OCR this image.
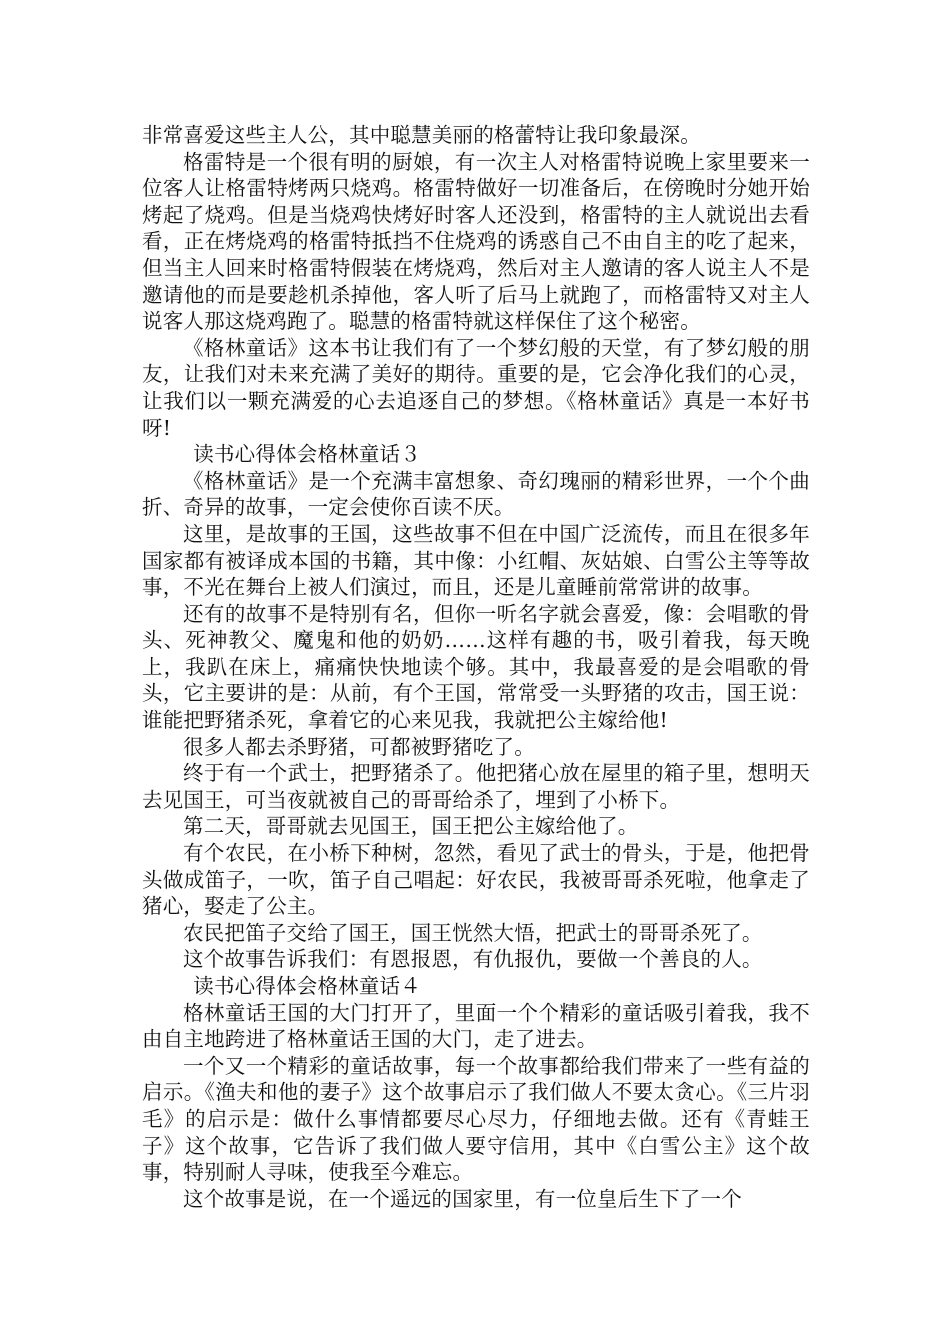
非常喜爱这些主人公，其中聪慧美丽的格蕾特让我印象最深。

格雷特是一个很有明的厨娘，有一次主人对格雷特说晚上家里要来一位客人让格雷特烤两只烧鸡。格雷特做好一切准备后，在傍晚时分她开始烤起了烧鸡。但是当烧鸡快烤好时客人还没到，格雷特的主人就说出去看看，正在烤烧鸡的格雷特抵挡不住烧鸡的诱惑自己不由自主的吃了起来，但当主人回来时格雷特假装在烤烧鸡，然后对主人邀请的客人说主人不是邀请他的而是要趁机杀掉他，客人听了后马上就跑了，而格雷特又对主人说客人那这烧鸡跑了。聪慧的格雷特就这样保住了这个秘密。

《格林童话》这本书让我们有了一个梦幻般的天堂，有了梦幻般的朋友，让我们对未来充满了美好的期待。重要的是，它会净化我们的心灵，让我们以一颗充满爱的心去追逐自己的梦想。《格林童话》真是一本好书呀!

读书心得体会格林童话３

《格林童话》是一个充满丰富想象、奇幻瑰丽的精彩世界，一个个曲折、奇异的故事，一定会使你百读不厌。

这里，是故事的王国，这些故事不但在中国广泛流传，而且在很多年国家都有被译成本国的书籍，其中像：小红帽、灰姑娘、白雪公主等等故事，不光在舞台上被人们演过，而且，还是儿童睡前常常讲的故事。

还有的故事不是特别有名，但你一听名字就会喜爱，像：会唱歌的骨头、死神教父、魔鬼和他的奶奶……这样有趣的书，吸引着我，每天晚上，我趴在床上，痛痛快快地读个够。其中，我最喜爱的是会唱歌的骨头，它主要讲的是：从前，有个王国，常常受一头野猪的攻击，国王说： 谁能把野猪杀死，拿着它的心来见我，我就把公主嫁给他!

很多人都去杀野猪，可都被野猪吃了。

终于有一个武士，把野猪杀了。他把猪心放在屋里的箱子里，想明天去见国王，可当夜就被自己的哥哥给杀了，埋到了小桥下。

第二天，哥哥就去见国王，国王把公主嫁给他了。

有个农民，在小桥下种树，忽然，看见了武士的骨头，于是，他把骨头做成笛子，一吹，笛子自己唱起：好农民，我被哥哥杀死啦，他拿走了猪心，娶走了公主。

农民把笛子交给了国王，国王恍然大悟，把武士的哥哥杀死了。

这个故事告诉我们：有恩报恩，有仇报仇，要做一个善良的人。

读书心得体会格林童话４

格林童话王国的大门打开了，里面一个个精彩的童话吸引着我，我不由自主地跨进了格林童话王国的大门，走了进去。

一个又一个精彩的童话故事，每一个故事都给我们带来了一些有益的启示。《渔夫和他的妻子》这个故事启示了我们做人不要太贪心。《三片羽毛》的启示是：做什么事情都要尽心尽力，仔细地去做。还有《青蛙王子》这个故事，它告诉了我们做人要守信用，其中《白雪公主》这个故事，特别耐人寻味，使我至今难忘。

这个故事是说，在一个遥远的国家里，有一位皇后生下了一个
